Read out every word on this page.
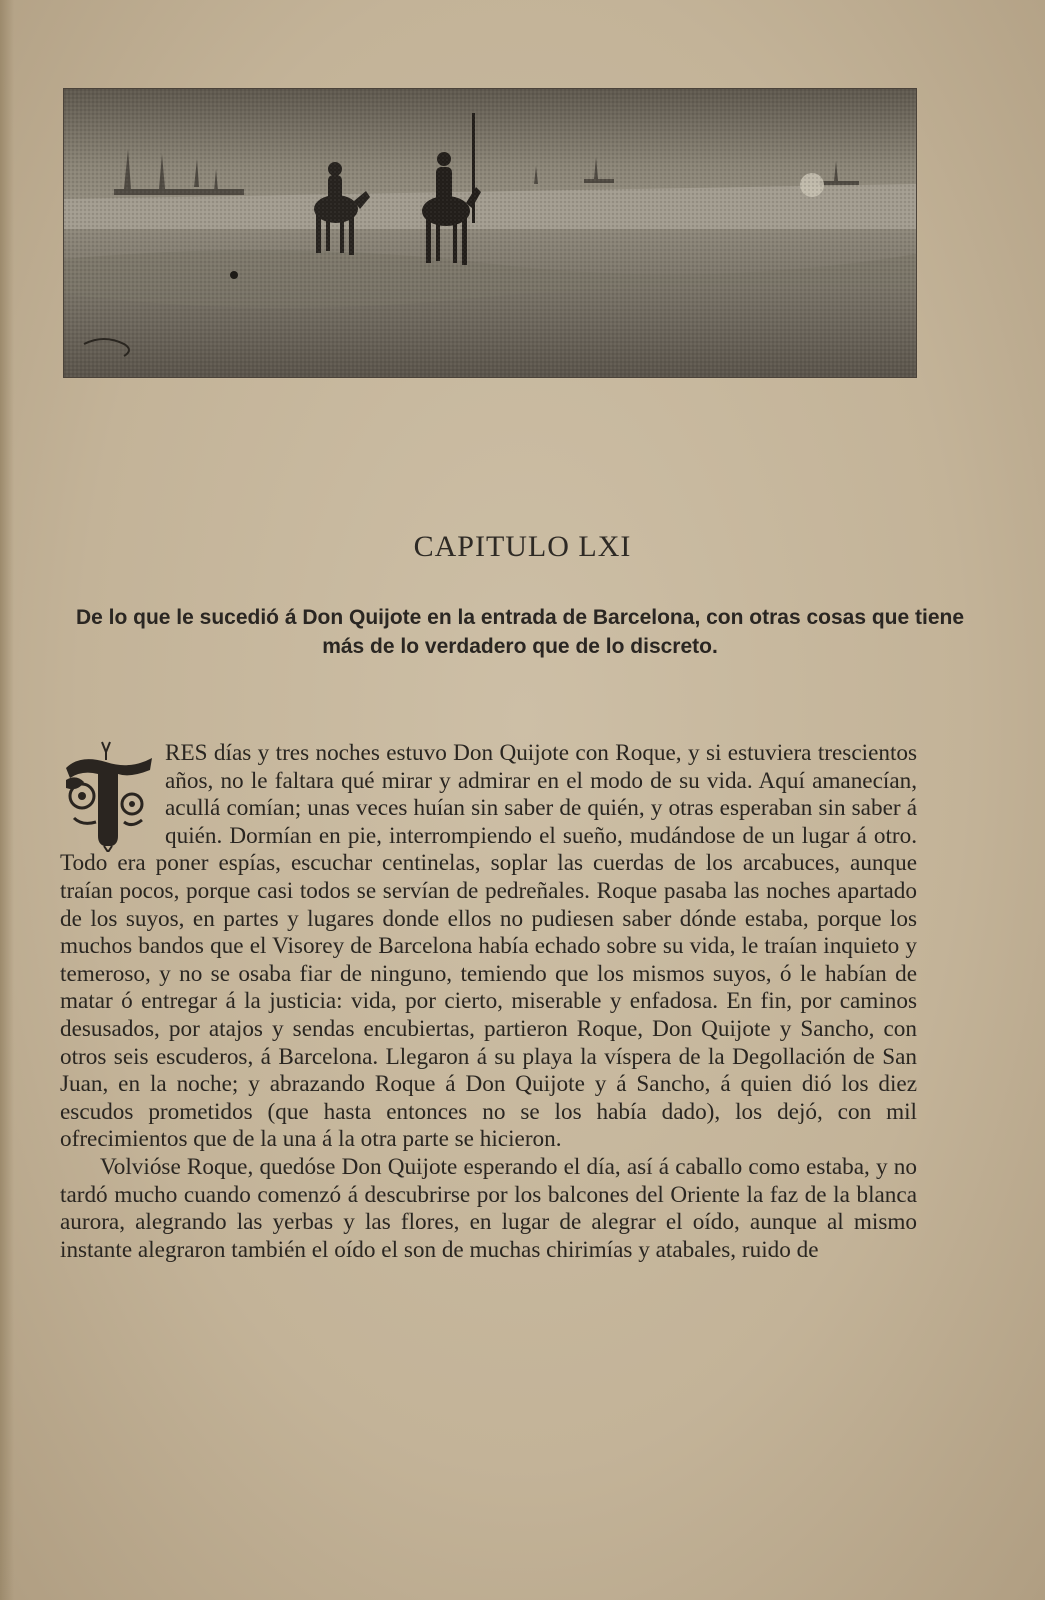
CAPITULO LXI
De lo que le sucedió á Don Quijote en la entrada de Barcelona, con otras cosas que tiene más de lo verdadero que de lo discreto.

RES días y tres noches estuvo Don Quijote con Roque, y si estuviera trescientos años, no le faltara qué mirar y admirar en el modo de su vida. Aquí amanecían, acullá comían; unas veces huían sin saber de quién, y otras esperaban sin saber á quién. Dormían en pie, interrompiendo el sueño, mudándose de un lugar á otro. Todo era poner espías, escuchar centinelas, soplar las cuerdas de los arcabuces, aunque traían pocos, porque casi todos se servían de pedreñales. Roque pasaba las noches apartado de los suyos, en partes y lugares donde ellos no pudiesen saber dónde estaba, porque los muchos bandos que el Visorey de Barcelona había echado sobre su vida, le traían inquieto y temeroso, y no se osaba fiar de ninguno, temiendo que los mismos suyos, ó le habían de matar ó entregar á la justicia: vida, por cierto, miserable y enfadosa. En fin, por caminos desusados, por atajos y sendas encubiertas, partieron Roque, Don Quijote y Sancho, con otros seis escuderos, á Barcelona. Llegaron á su playa la víspera de la Degollación de San Juan, en la noche; y abrazando Roque á Don Quijote y á Sancho, á quien dió los diez escudos prometidos (que hasta entonces no se los había dado), los dejó, con mil ofrecimientos que de la una á la otra parte se hicieron.

Volvióse Roque, quedóse Don Quijote esperando el día, así á caballo como estaba, y no tardó mucho cuando comenzó á descubrirse por los balcones del Oriente la faz de la blanca aurora, alegrando las yerbas y las flores, en lugar de alegrar el oído, aunque al mismo instante alegraron también el oído el son de muchas chirimías y atabales, ruido de
